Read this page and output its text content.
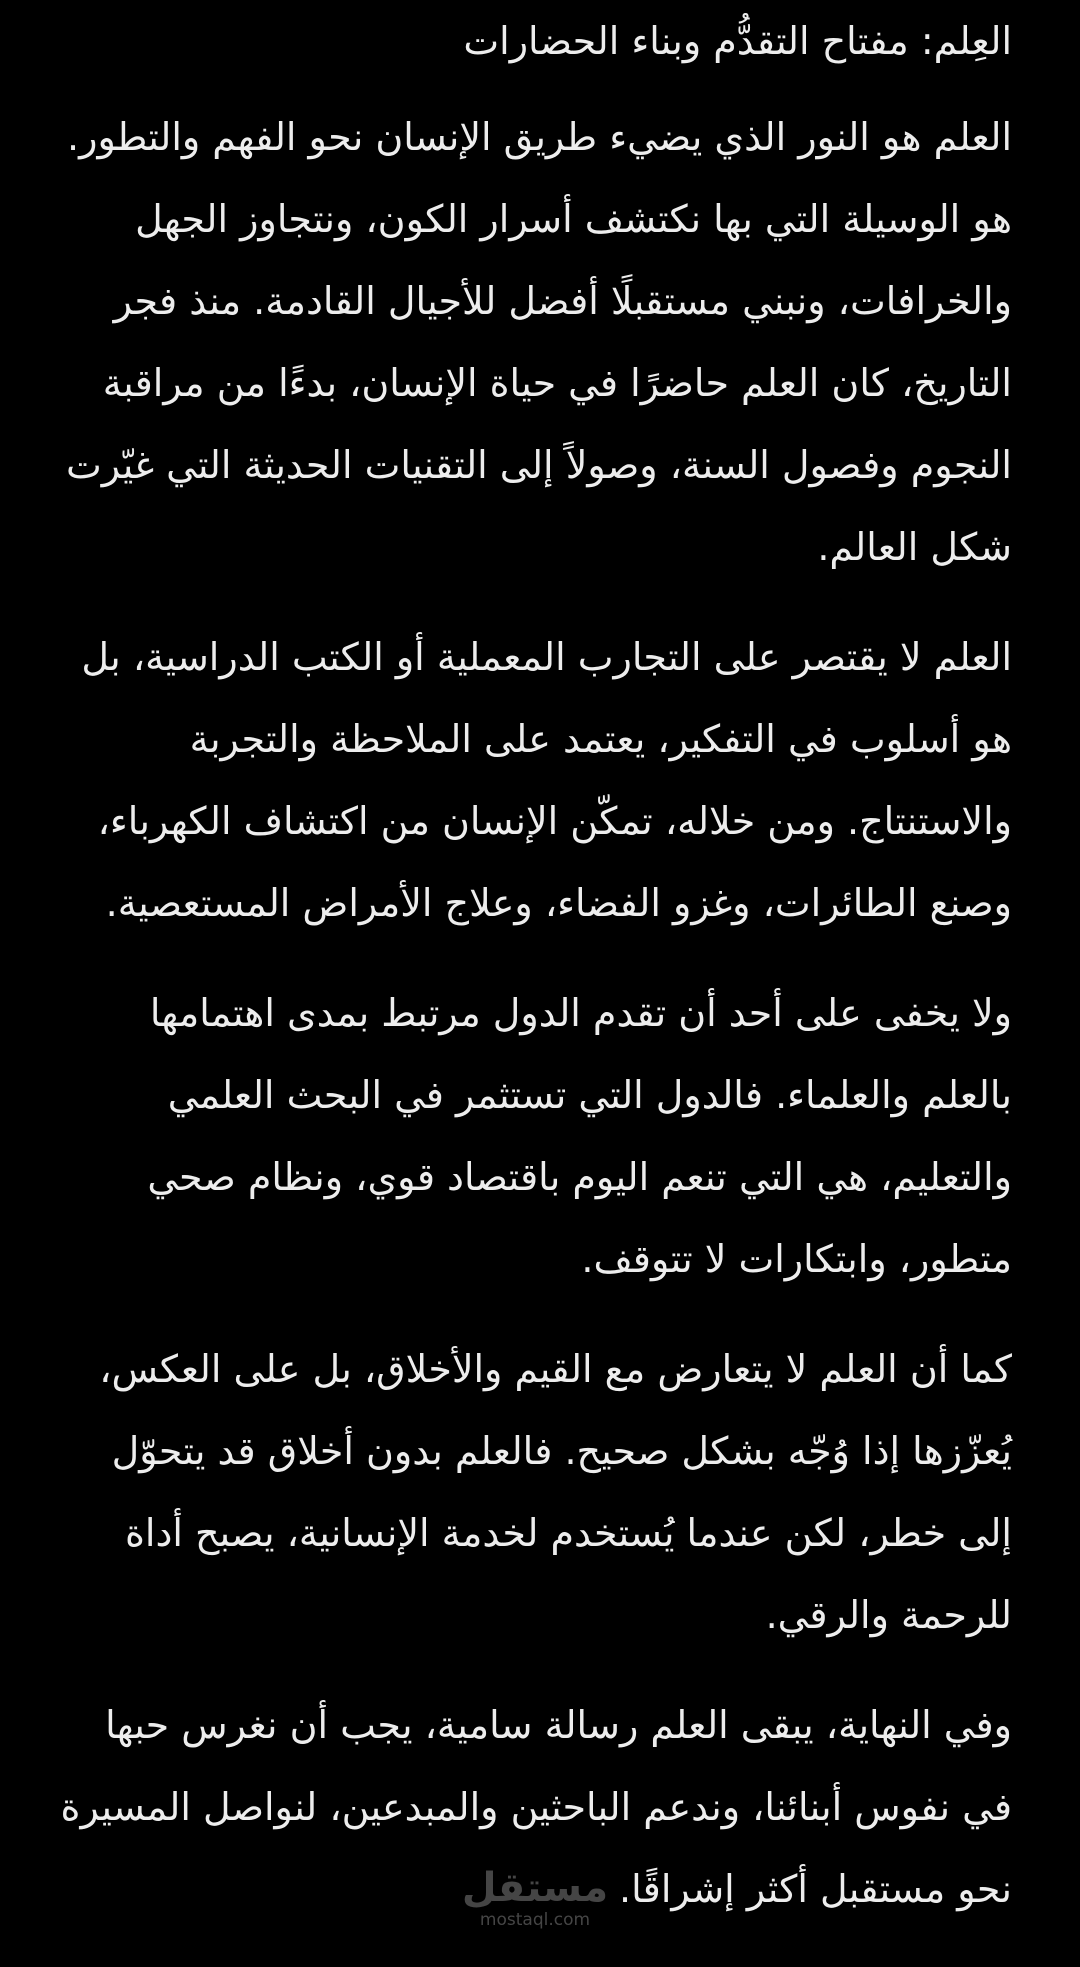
العِلم: مفتاح التقدُّم وبناء الحضارات

العلم هو النور الذي يضيء طريق الإنسان نحو الفهم والتطور. هو الوسيلة التي بها نكتشف أسرار الكون، ونتجاوز الجهل والخرافات، ونبني مستقبلًا أفضل للأجيال القادمة. منذ فجر التاريخ، كان العلم حاضرًا في حياة الإنسان، بدءًا من مراقبة النجوم وفصول السنة، وصولاً إلى التقنيات الحديثة التي غيّرت شكل العالم.

العلم لا يقتصر على التجارب المعملية أو الكتب الدراسية، بل هو أسلوب في التفكير، يعتمد على الملاحظة والتجربة والاستنتاج. ومن خلاله، تمكّن الإنسان من اكتشاف الكهرباء، وصنع الطائرات، وغزو الفضاء، وعلاج الأمراض المستعصية.

ولا يخفى على أحد أن تقدم الدول مرتبط بمدى اهتمامها بالعلم والعلماء. فالدول التي تستثمر في البحث العلمي والتعليم، هي التي تنعم اليوم باقتصاد قوي، ونظام صحي متطور، وابتكارات لا تتوقف.

كما أن العلم لا يتعارض مع القيم والأخلاق، بل على العكس، يُعزّزها إذا وُجّه بشكل صحيح. فالعلم بدون أخلاق قد يتحوّل إلى خطر، لكن عندما يُستخدم لخدمة الإنسانية، يصبح أداة للرحمة والرقي.

وفي النهاية، يبقى العلم رسالة سامية، يجب أن نغرس حبها في نفوس أبنائنا، وندعم الباحثين والمبدعين، لنواصل المسيرة نحو مستقبل أكثر إشراقًا.

مستقل
mostaql.com
